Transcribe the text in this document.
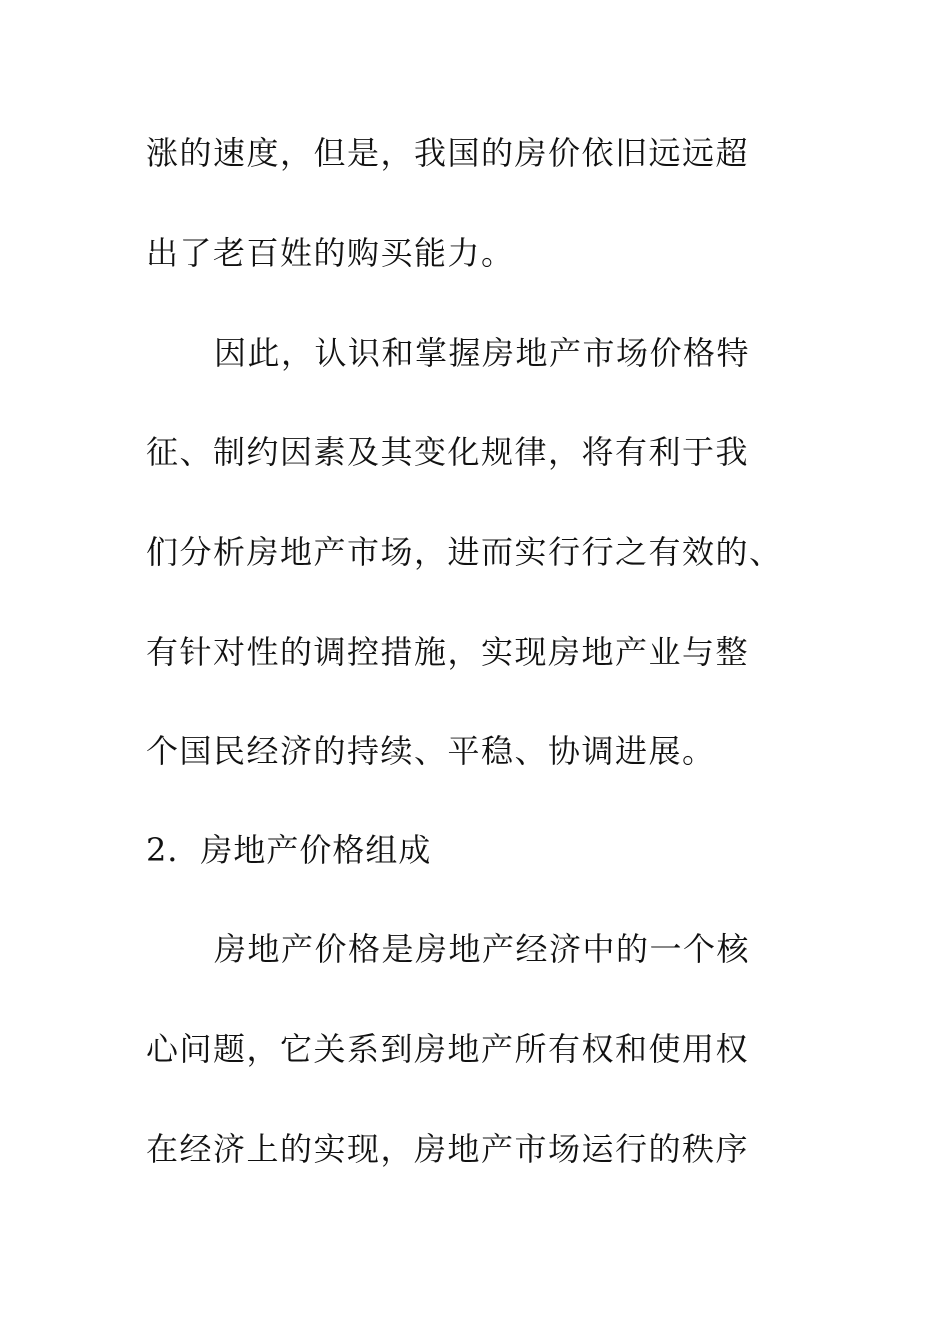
涨的速度，但是，我国的房价依旧远远超
出了老百姓的购买能力。
因此，认识和掌握房地产市场价格特
征、制约因素及其变化规律，将有利于我
们分析房地产市场，进而实行行之有效的、
有针对性的调控措施，实现房地产业与整
个国民经济的持续、平稳、协调进展。
2．房地产价格组成
房地产价格是房地产经济中的一个核
心问题，它关系到房地产所有权和使用权
在经济上的实现，房地产市场运行的秩序
